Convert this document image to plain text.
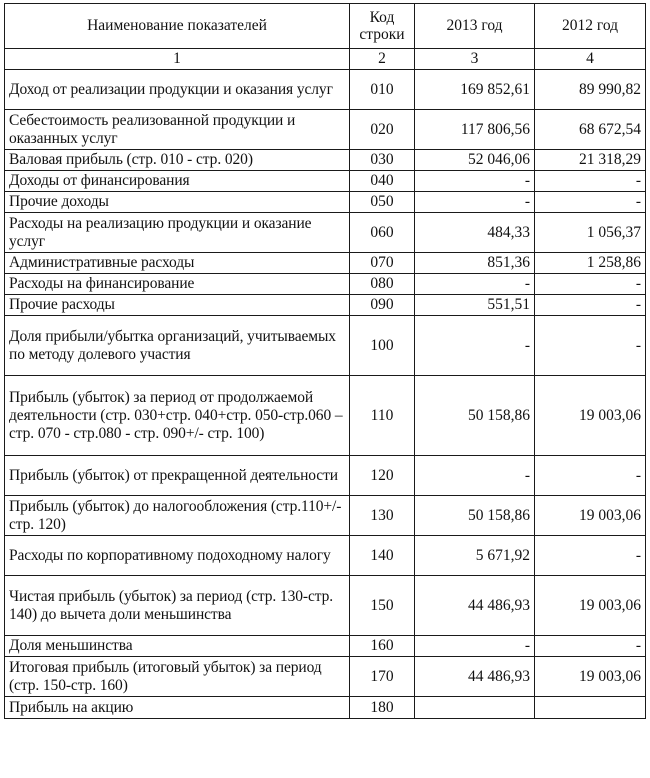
Наименование показателей	Код строки	2013 год	2012 год
1	2	3	4
Доход от реализации продукции и оказания услуг	010	169 852,61	89 990,82
Себестоимость реализованной продукции и оказанных услуг	020	117 806,56	68 672,54
Валовая прибыль (стр. 010 - стр. 020)	030	52 046,06	21 318,29
Доходы от финансирования	040	-	-
Прочие доходы	050	-	-
Расходы на реализацию продукции и оказание услуг	060	484,33	1 056,37
Административные расходы	070	851,36	1 258,86
Расходы на финансирование	080	-	-
Прочие расходы	090	551,51	-
Доля прибыли/убытка организаций, учитываемых по методу долевого участия	100	-	-
Прибыль (убыток) за период от продолжаемой деятельности (стр. 030+стр. 040+стр. 050-стр.060 – стр. 070 - стр.080 - стр. 090+/- стр. 100)	110	50 158,86	19 003,06
Прибыль (убыток) от прекращенной деятельности	120	-	-
Прибыль (убыток) до налогообложения (стр.110+/-стр. 120)	130	50 158,86	19 003,06
Расходы по корпоративному подоходному налогу	140	5 671,92	-
Чистая прибыль (убыток) за период (стр. 130-стр. 140) до вычета доли меньшинства	150	44 486,93	19 003,06
Доля меньшинства	160	-	-
Итоговая прибыль (итоговый убыток) за период (стр. 150-стр. 160)	170	44 486,93	19 003,06
Прибыль на акцию	180		
